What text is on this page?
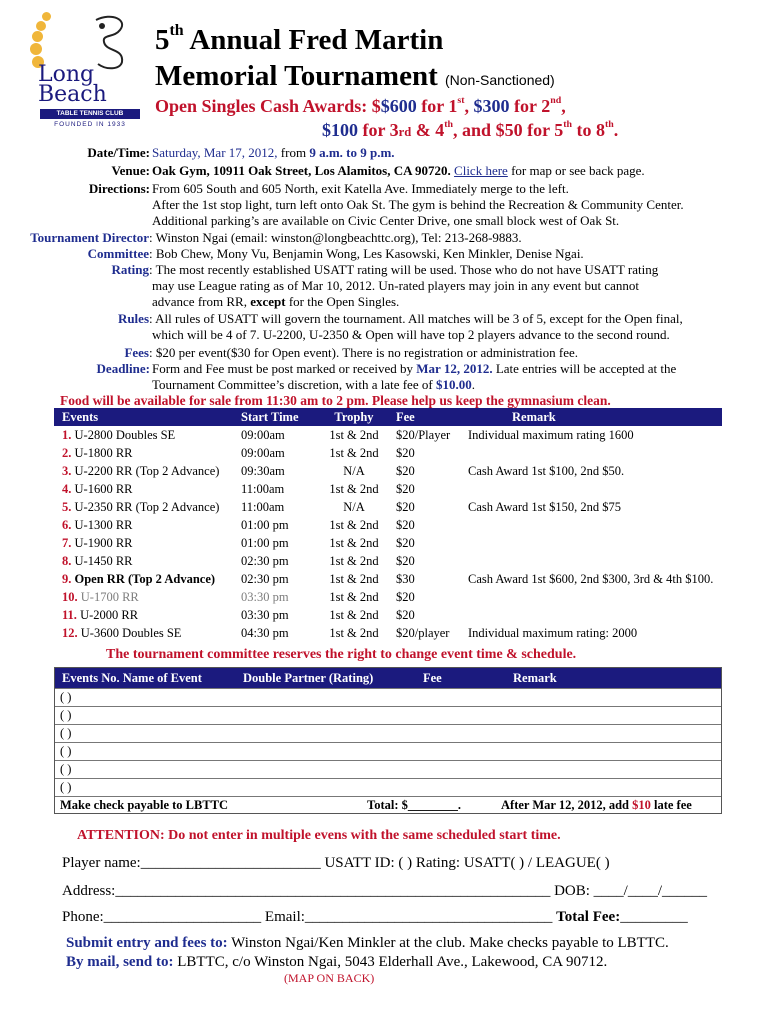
Long
Beach
TABLE TENNIS CLUB
FOUNDED IN 1933
5th Annual Fred Martin
Memorial Tournament (Non-Sanctioned)
Open Singles Cash Awards: $$600 for 1st, $300 for 2nd,
$100 for 3rd & 4th, and $50 for 5th to 8th.
Date/Time: Saturday, Mar 17, 2012, from 9 a.m. to 9 p.m.
Venue: Oak Gym, 10911 Oak Street, Los Alamitos, CA 90720. Click here for map or see back page.
Directions: From 605 South and 605 North, exit Katella Ave. Immediately merge to the left.
After the 1st stop light, turn left onto Oak St. The gym is behind the Recreation & Community Center.
Additional parking’s are available on Civic Center Drive, one small block west of Oak St.
Tournament Director : Winston Ngai (email: winston@longbeachttc.org), Tel: 213-268-9883.
Committee : Bob Chew, Mony Vu, Benjamin Wong, Les Kasowski, Ken Minkler, Denise Ngai.
Rating : The most recently established USATT rating will be used. Those who do not have USATT rating
may use League rating as of Mar 10, 2012. Un-rated players may join in any event but cannot
advance from RR, except for the Open Singles.
Rules : All rules of USATT will govern the tournament. All matches will be 3 of 5, except for the Open final,
which will be 4 of 7. U-2200, U-2350 & Open will have top 2 players advance to the second round.
Fees : $20 per event($30 for Open event). There is no registration or administration fee.
Deadline: Form and Fee must be post marked or received by Mar 12, 2012. Late entries will be accepted at the
Tournament Committee’s discretion, with a late fee of $10.00.
Food will be available for sale from 11:30 am to 2 pm. Please help us keep the gymnasium clean.
Events	Start Time	Trophy	Fee	Remark
1. U-2800 Doubles SE	09:00am	1st & 2nd	$20/Player Individual maximum rating 1600
2. U-1800 RR	09:00am	1st & 2nd	$20
3. U-2200 RR (Top 2 Advance) 09:30am	N/A	$20	Cash Award 1st $100, 2nd $50.
4. U-1600 RR	11:00am	1st & 2nd	$20
5. U-2350 RR (Top 2 Advance) 11:00am	N/A	$20	Cash Award 1st $150, 2nd $75
6. U-1300 RR	01:00 pm	1st & 2nd	$20
7. U-1900 RR	01:00 pm	1st & 2nd	$20
8. U-1450 RR	02:30 pm	1st & 2nd	$20
9. Open RR (Top 2 Advance) 02:30 pm	1st & 2nd	$30	Cash Award 1st $600, 2nd $300, 3rd & 4th $100.
10. U-1700 RR	03:30 pm	1st & 2nd	$20
11. U-2000 RR	03:30 pm	1st & 2nd	$20
12. U-3600 Doubles SE	04:30 pm	1st & 2nd	$20/player Individual maximum rating: 2000
The tournament committee reserves the right to change event time & schedule.
Events No. Name of Event	Double Partner (Rating)	Fee	Remark
( )
( )
( )
( )
( )
( )
Make check payable to LBTTC	Total: $________.	After Mar 12, 2012, add $10 late fee
ATTENTION: Do not enter in multiple evens with the same scheduled start time.
Player name:________________________ USATT ID: ( ) Rating: USATT( ) / LEAGUE( )
Address:__________________________________________________________ DOB: ____/____/______
Phone:_____________________ Email:_________________________________ Total Fee:_________
Submit entry and fees to: Winston Ngai/Ken Minkler at the club. Make checks payable to LBTTC.
By mail, send to: LBTTC, c/o Winston Ngai, 5043 Elderhall Ave., Lakewood, CA 90712.
(MAP ON BACK)
